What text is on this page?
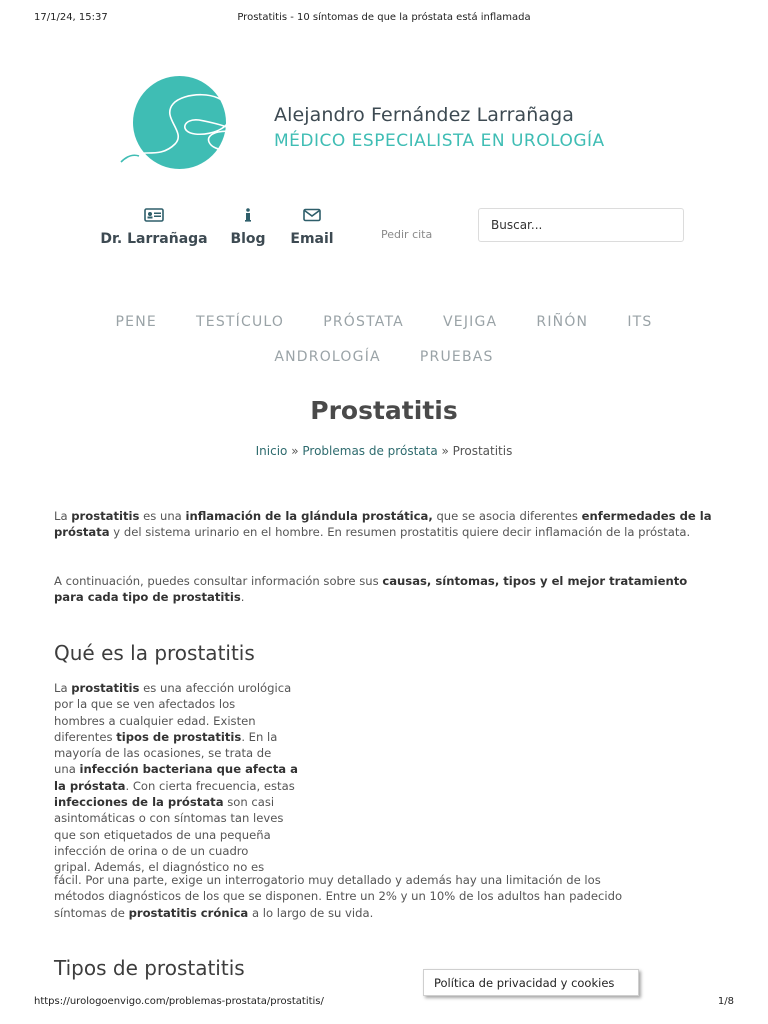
17/1/24, 15:37	Prostatitis - 10 síntomas de que la próstata está inflamada
Alejandro Fernández Larrañaga
MÉDICO ESPECIALISTA EN UROLOGÍA
Dr. Larrañaga	Blog	Email	Pedir cita
Buscar...
PENE	TESTÍCULO	PRÓSTATA	VEJIGA	RIÑÓN	ITS
ANDROLOGÍA	PRUEBAS
Prostatitis
Inicio » Problemas de próstata » Prostatitis
La prostatitis es una inflamación de la glándula prostática, que se asocia diferentes enfermedades de la próstata y del sistema urinario en el hombre. En resumen prostatitis quiere decir inflamación de la próstata.
A continuación, puedes consultar información sobre sus causas, síntomas, tipos y el mejor tratamiento para cada tipo de prostatitis.
Qué es la prostatitis
La prostatitis es una afección urológica
por la que se ven afectados los
hombres a cualquier edad. Existen
diferentes tipos de prostatitis. En la
mayoría de las ocasiones, se trata de
una infección bacteriana que afecta a
la próstata. Con cierta frecuencia, estas
infecciones de la próstata son casi
asintomáticas o con síntomas tan leves
que son etiquetados de una pequeña
infección de orina o de un cuadro
gripal. Además, el diagnóstico no es
fácil. Por una parte, exige un interrogatorio muy detallado y además hay una limitación de los
métodos diagnósticos de los que se disponen. Entre un 2% y un 10% de los adultos han padecido
síntomas de prostatitis crónica a lo largo de su vida.
Tipos de prostatitis
Política de privacidad y cookies
https://urologoenvigo.com/problemas-prostata/prostatitis/	1/8
